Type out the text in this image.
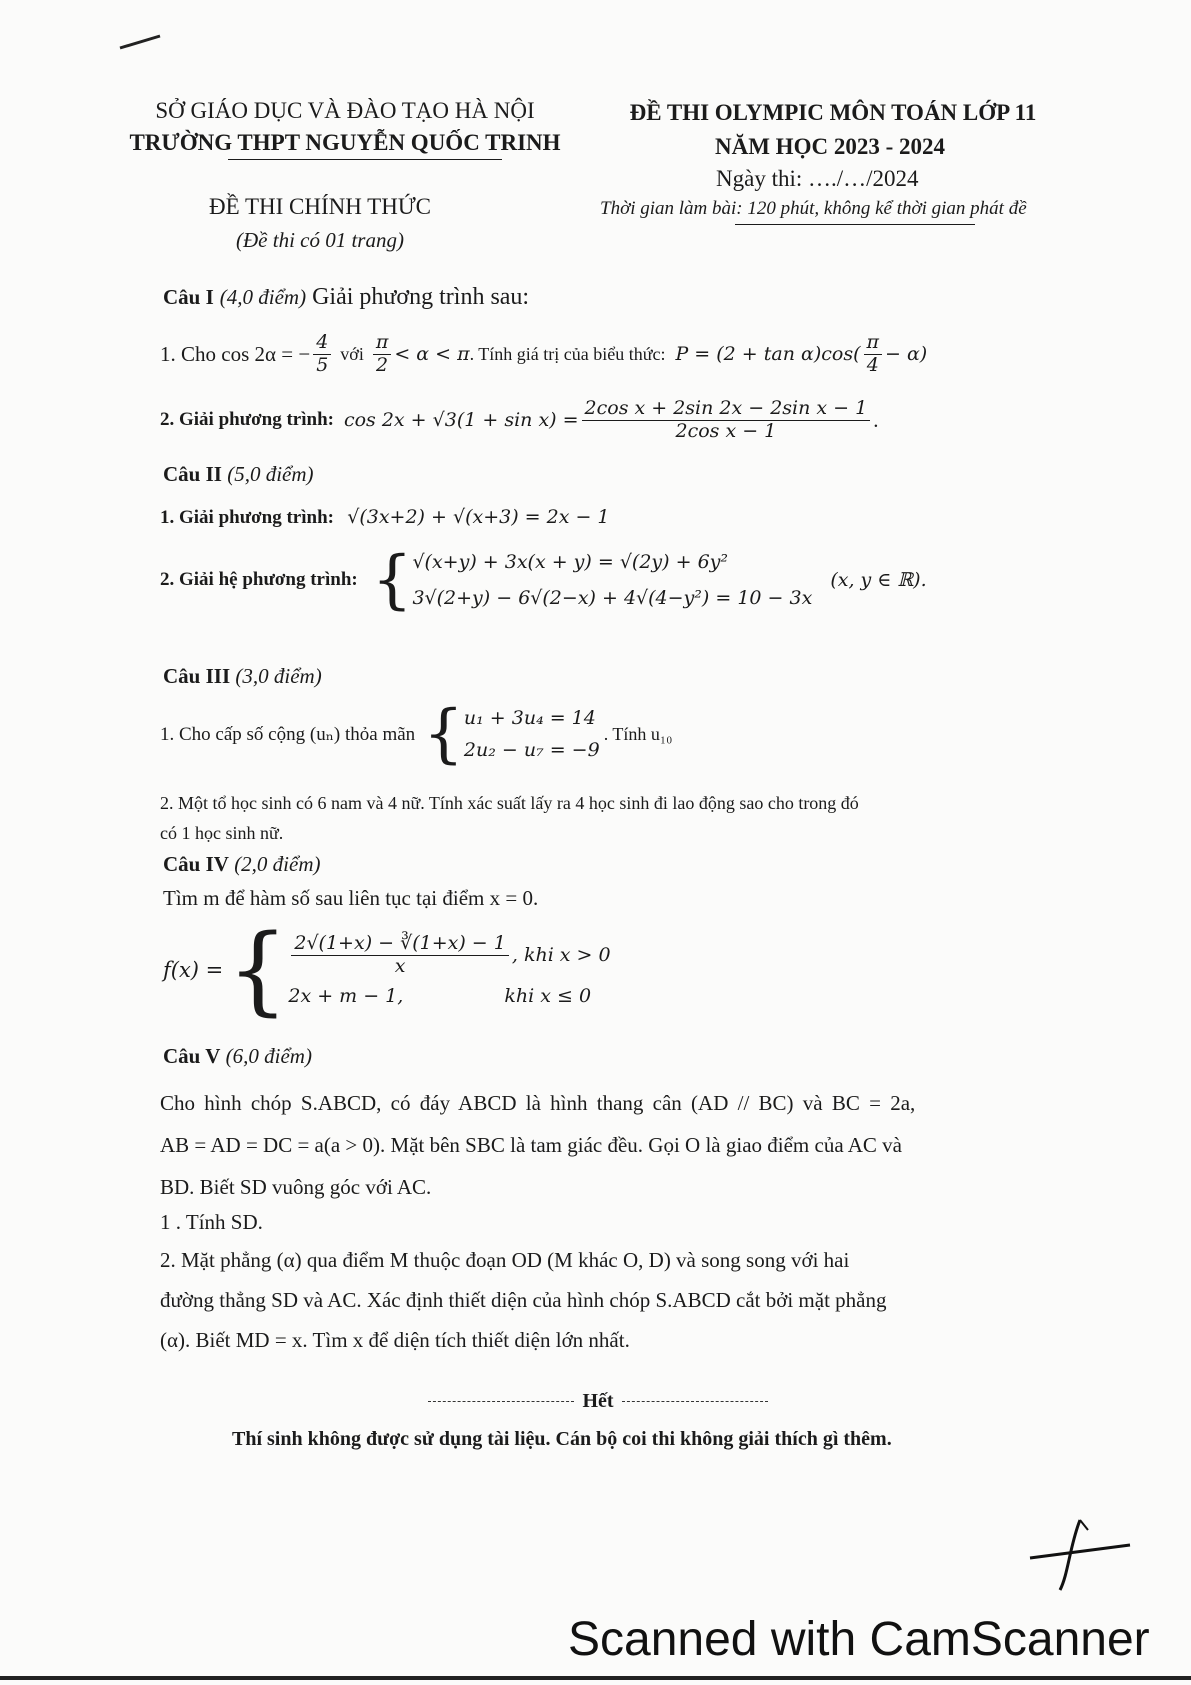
SỞ GIÁO DỤC VÀ ĐÀO TẠO HÀ NỘI
TRƯỜNG THPT NGUYỄN QUỐC TRINH
ĐỀ THI CHÍNH THỨC
(Đề thi có 01 trang)
ĐỀ THI OLYMPIC MÔN TOÁN LỚP 11
NĂM HỌC 2023 - 2024
Ngày thi: …./…/2024
Thời gian làm bài: 120 phút, không kể thời gian phát đề
Câu I (4,0 điểm) Giải phương trình sau:
1. Cho cos 2α = − $\frac{4}{5}$ với $\frac{\pi}{2} < \alpha < \pi$ . Tính giá trị của biểu thức: $P = (2 + \tan \alpha)\cos( \frac{\pi}{4} - \alpha)$
2. Giải phương trình: $\cos 2x + √3(1 + \sin x) = \frac{\text{2cos x + 2sin 2x − 2sin x − 1}}{\text{2cos x − 1}}$ .
Câu II (5,0 điểm)
1. Giải phương trình: √(3x+2) + √(x+3) = 2x − 1
2. Giải hệ phương trình: { √(x+y) + 3x(x + y) = √(2y) + 6y²
3√(2+y) − 6√(2−x) + 4√(4−y²) = 10 − 3x
(x, y ∈ ℝ).
Câu III (3,0 điểm)
1. Cho cấp số cộng (uₙ) thỏa mãn { u₁ + 3u₄ = 14
2u₂ − u₇ = −9
. Tính u₁₀
2. Một tổ học sinh có 6 nam và 4 nữ. Tính xác suất lấy ra 4 học sinh đi lao động sao cho trong đó
có 1 học sinh nữ.
Câu IV (2,0 điểm)
Tìm m để hàm số sau liên tục tại điểm x = 0.
f(x) = { $\frac{2√(1+x) - ∛(1+x) - 1}{x}$ , khi x > 0
2x + m − 1,	khi x ≤ 0
Câu V (6,0 điểm)
Cho hình chóp S.ABCD, có đáy ABCD là hình thang cân (AD // BC) và BC = 2a,
AB = AD = DC = a(a > 0). Mặt bên SBC là tam giác đều. Gọi O là giao điểm của AC và
BD. Biết SD vuông góc với AC.
1 . Tính SD.
2. Mặt phẳng (α) qua điểm M thuộc đoạn OD (M khác O, D) và song song với hai
đường thẳng SD và AC. Xác định thiết diện của hình chóp S.ABCD cắt bởi mặt phẳng
(α). Biết MD = x. Tìm x để diện tích thiết diện lớn nhất.
Hết
Thí sinh không được sử dụng tài liệu. Cán bộ coi thi không giải thích gì thêm.
Scanned with CamScanner
